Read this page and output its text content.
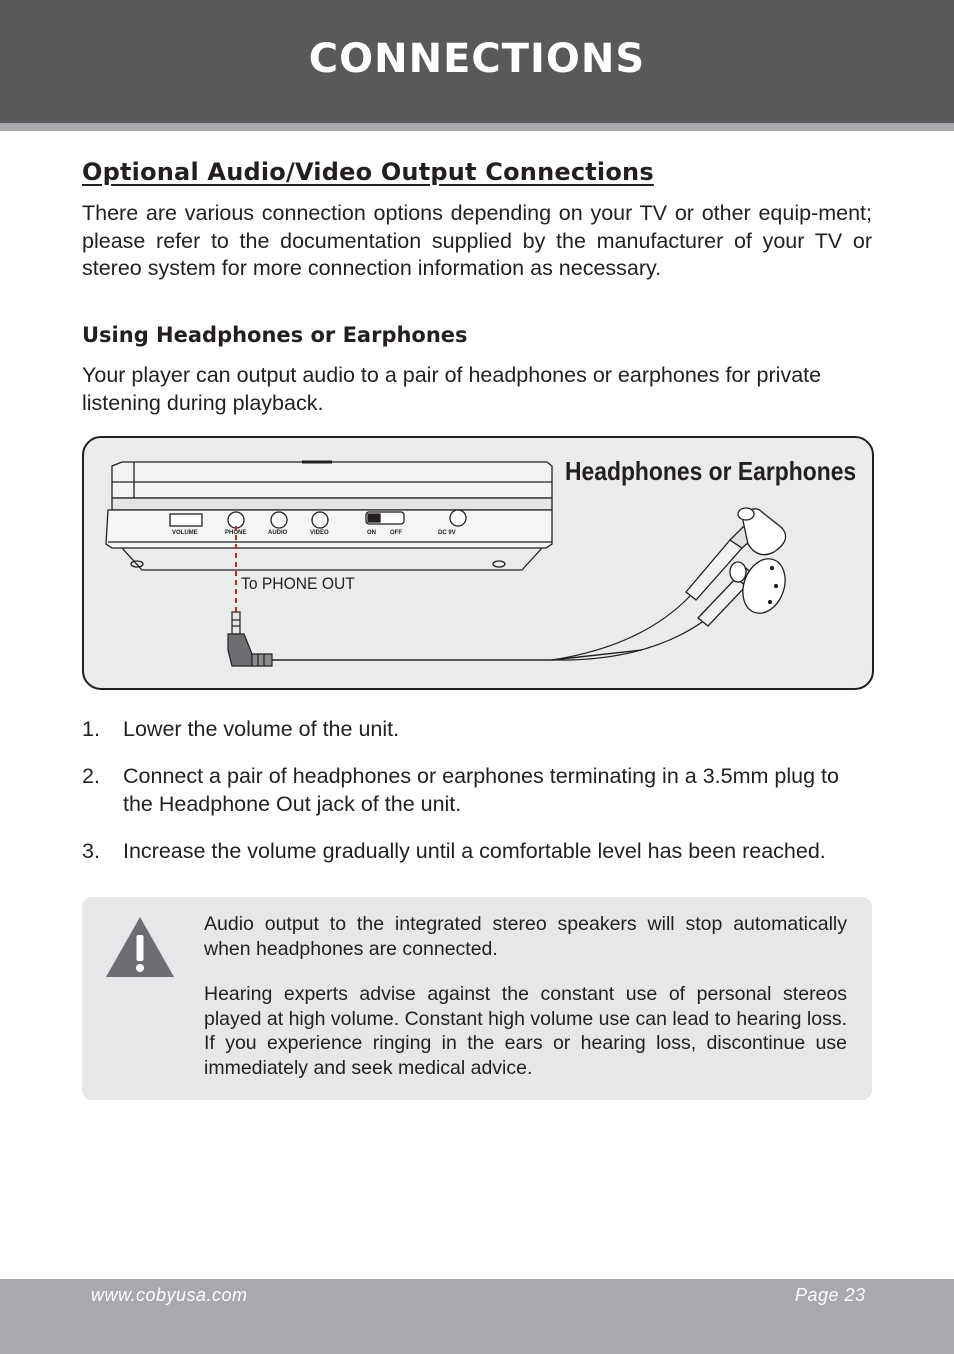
CONNECTIONS
Optional Audio/Video Output Connections

There are various connection options depending on your TV or other equip-ment; please refer to the documentation supplied by the manufacturer of your TV or stereo system for more connection information as necessary.

Using Headphones or Earphones

Your player can output audio to a pair of headphones or earphones for private listening during playback.

VOLUME	PHONE	AUDIO	VIDEO	ON OFF	DC 9V
Headphones or Earphones
To PHONE OUT
1. Lower the volume of the unit.
2. Connect a pair of headphones or earphones terminating in a 3.5mm plug to the Headphone Out jack of the unit.
3. Increase the volume gradually until a comfortable level has been reached.

Audio output to the integrated stereo speakers will stop automatically when headphones are connected.

Hearing experts advise against the constant use of personal stereos played at high volume. Constant high volume use can lead to hearing loss. If you experience ringing in the ears or hearing loss, discontinue use immediately and seek medical advice.

www.cobyusa.com	Page 23
